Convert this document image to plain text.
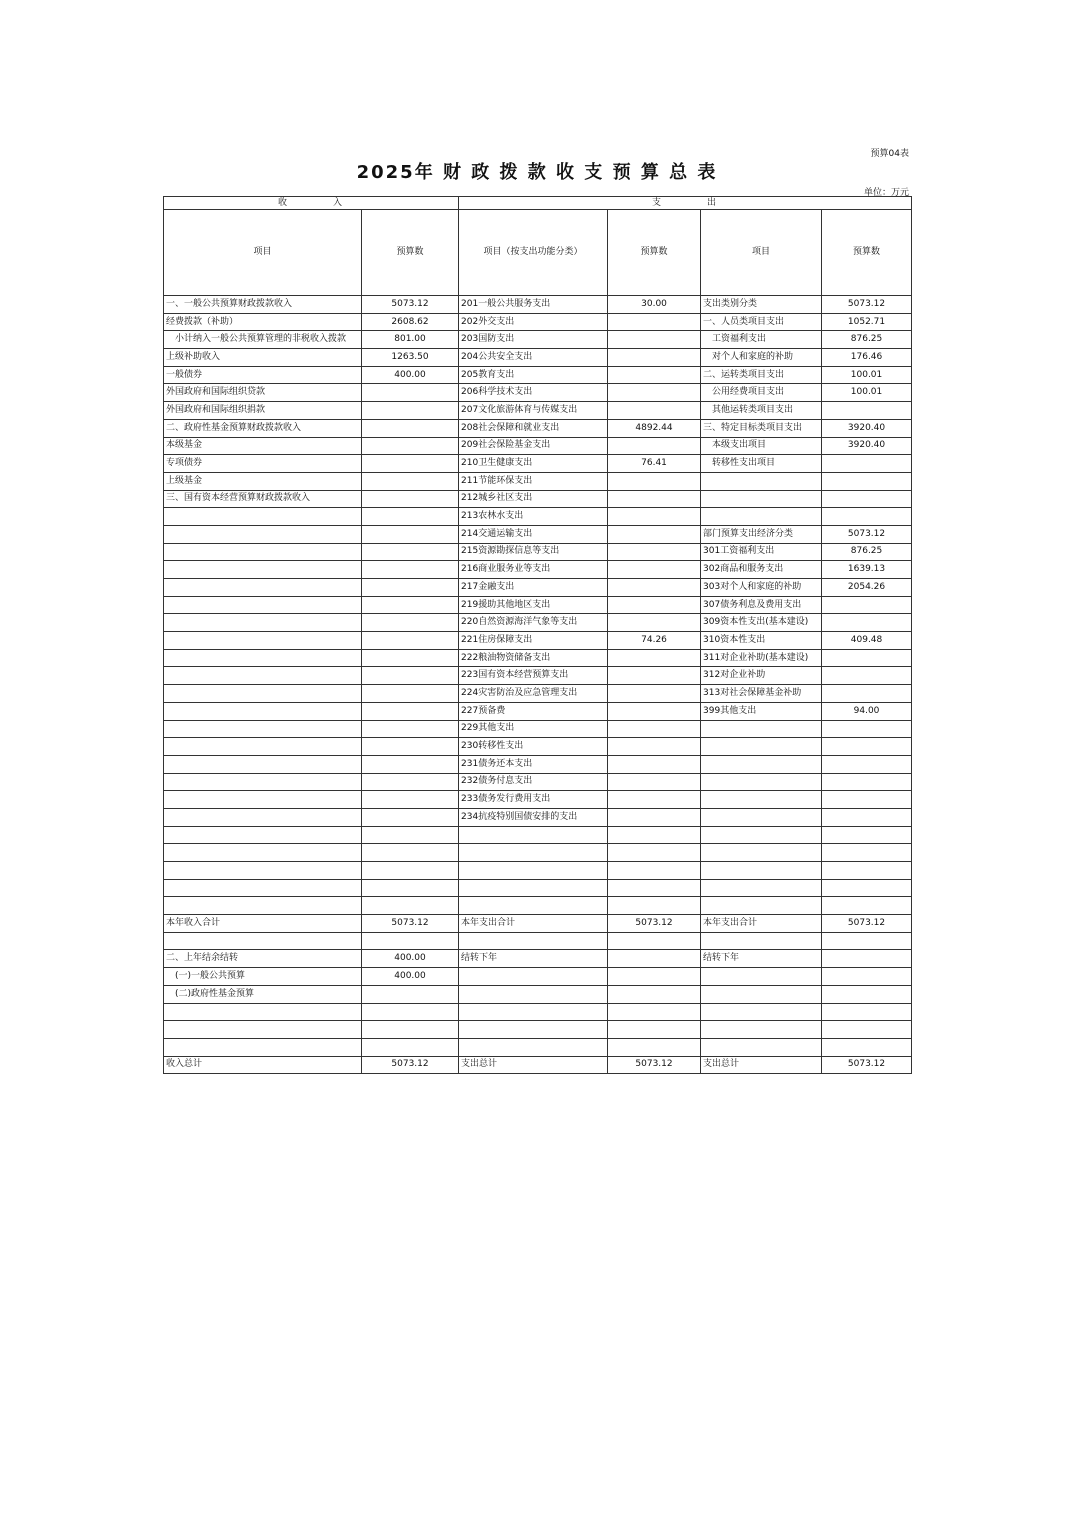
预算04表
2025年 财 政 拨 款 收 支 预 算 总 表
单位：万元
收　　　　入		支　　　　出			
项目	预算数	项目（按支出功能分类）	预算数	项目	预算数
一、一般公共预算财政拨款收入	5073.12	201一般公共服务支出	30.00	支出类别分类	5073.12
经费拨款（补助）	2608.62	202外交支出		一、人员类项目支出	1052.71
　小计纳入一般公共预算管理的非税收入拨款	801.00	203国防支出		　工资福利支出	876.25
上级补助收入	1263.50	204公共安全支出		　对个人和家庭的补助	176.46
一般债券	400.00	205教育支出		二、运转类项目支出	100.01
外国政府和国际组织贷款		206科学技术支出		　公用经费项目支出	100.01
外国政府和国际组织捐款		207文化旅游体育与传媒支出		　其他运转类项目支出	
二、政府性基金预算财政拨款收入		208社会保障和就业支出	4892.44	三、特定目标类项目支出	3920.40
本级基金		209社会保险基金支出		　本级支出项目	3920.40
专项债券		210卫生健康支出	76.41	　转移性支出项目	
上级基金		211节能环保支出			
三、国有资本经营预算财政拨款收入		212城乡社区支出			
		213农林水支出			
		214交通运输支出		部门预算支出经济分类	5073.12
		215资源勘探信息等支出		301工资福利支出	876.25
		216商业服务业等支出		302商品和服务支出	1639.13
		217金融支出		303对个人和家庭的补助	2054.26
		219援助其他地区支出		307债务利息及费用支出	
		220自然资源海洋气象等支出		309资本性支出(基本建设)	
		221住房保障支出	74.26	310资本性支出	409.48
		222粮油物资储备支出		311对企业补助(基本建设)	
		223国有资本经营预算支出		312对企业补助	
		224灾害防治及应急管理支出		313对社会保障基金补助	
		227预备费		399其他支出	94.00
		229其他支出			
		230转移性支出			
		231债务还本支出			
		232债务付息支出			
		233债务发行费用支出			
		234抗疫特别国债安排的支出			

本年收入合计	5073.12	本年支出合计	5073.12	本年支出合计	5073.12

二、上年结余结转	400.00	结转下年		结转下年	
　(一)一般公共预算	400.00				
　(二)政府性基金预算					

收入总计	5073.12	支出总计	5073.12	支出总计	5073.12
